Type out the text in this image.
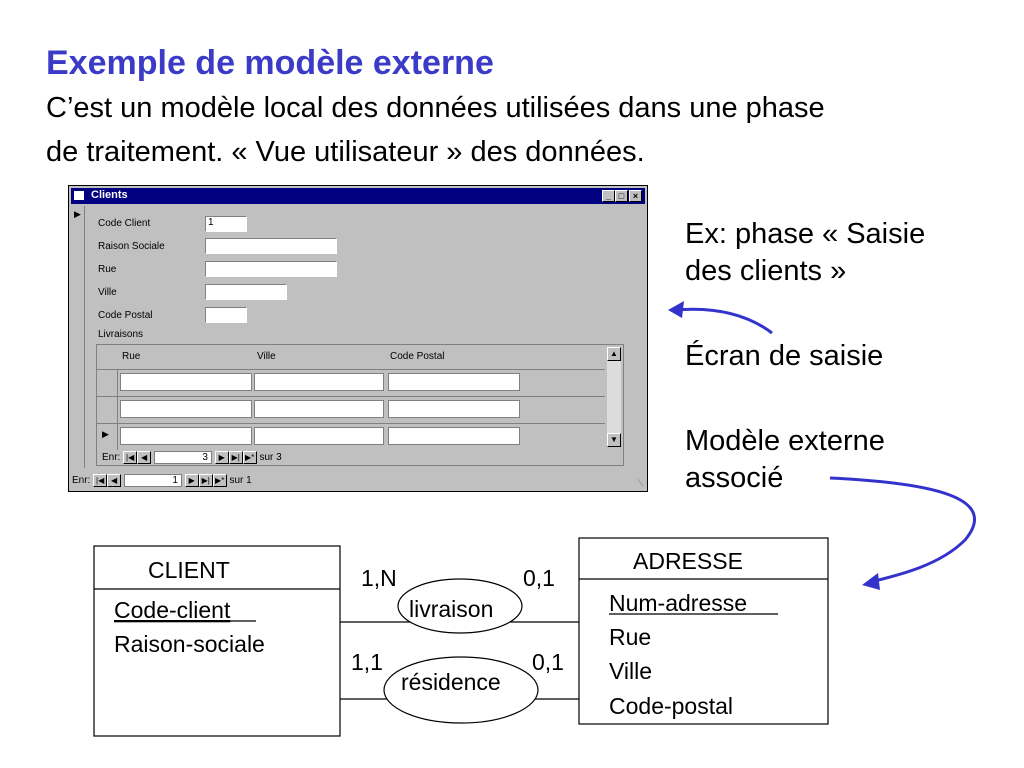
Exemple de modèle externe
C’est un modèle local des données utilisées dans une phase
de traitement. « Vue utilisateur » des données.
Ex: phase « Saisie
des clients »
Écran de saisie
Modèle externe
associé
Clients	_ □ ×
▶
Code Client	1
Raison Sociale
Rue
Ville
Code Postal
Livraisons
Rue	Ville	Code Postal
▶
▲
▼
Enr: |◀ ◀	3 ▶ ▶| ▶* sur 3
Enr: |◀ ◀	1 ▶ ▶| ▶* sur 1
CLIENT
Code-client
Raison-sociale
ADRESSE
Num-adresse
Rue
Ville
Code-postal
livraison
1,N	0,1
résidence
1,1	0,1
